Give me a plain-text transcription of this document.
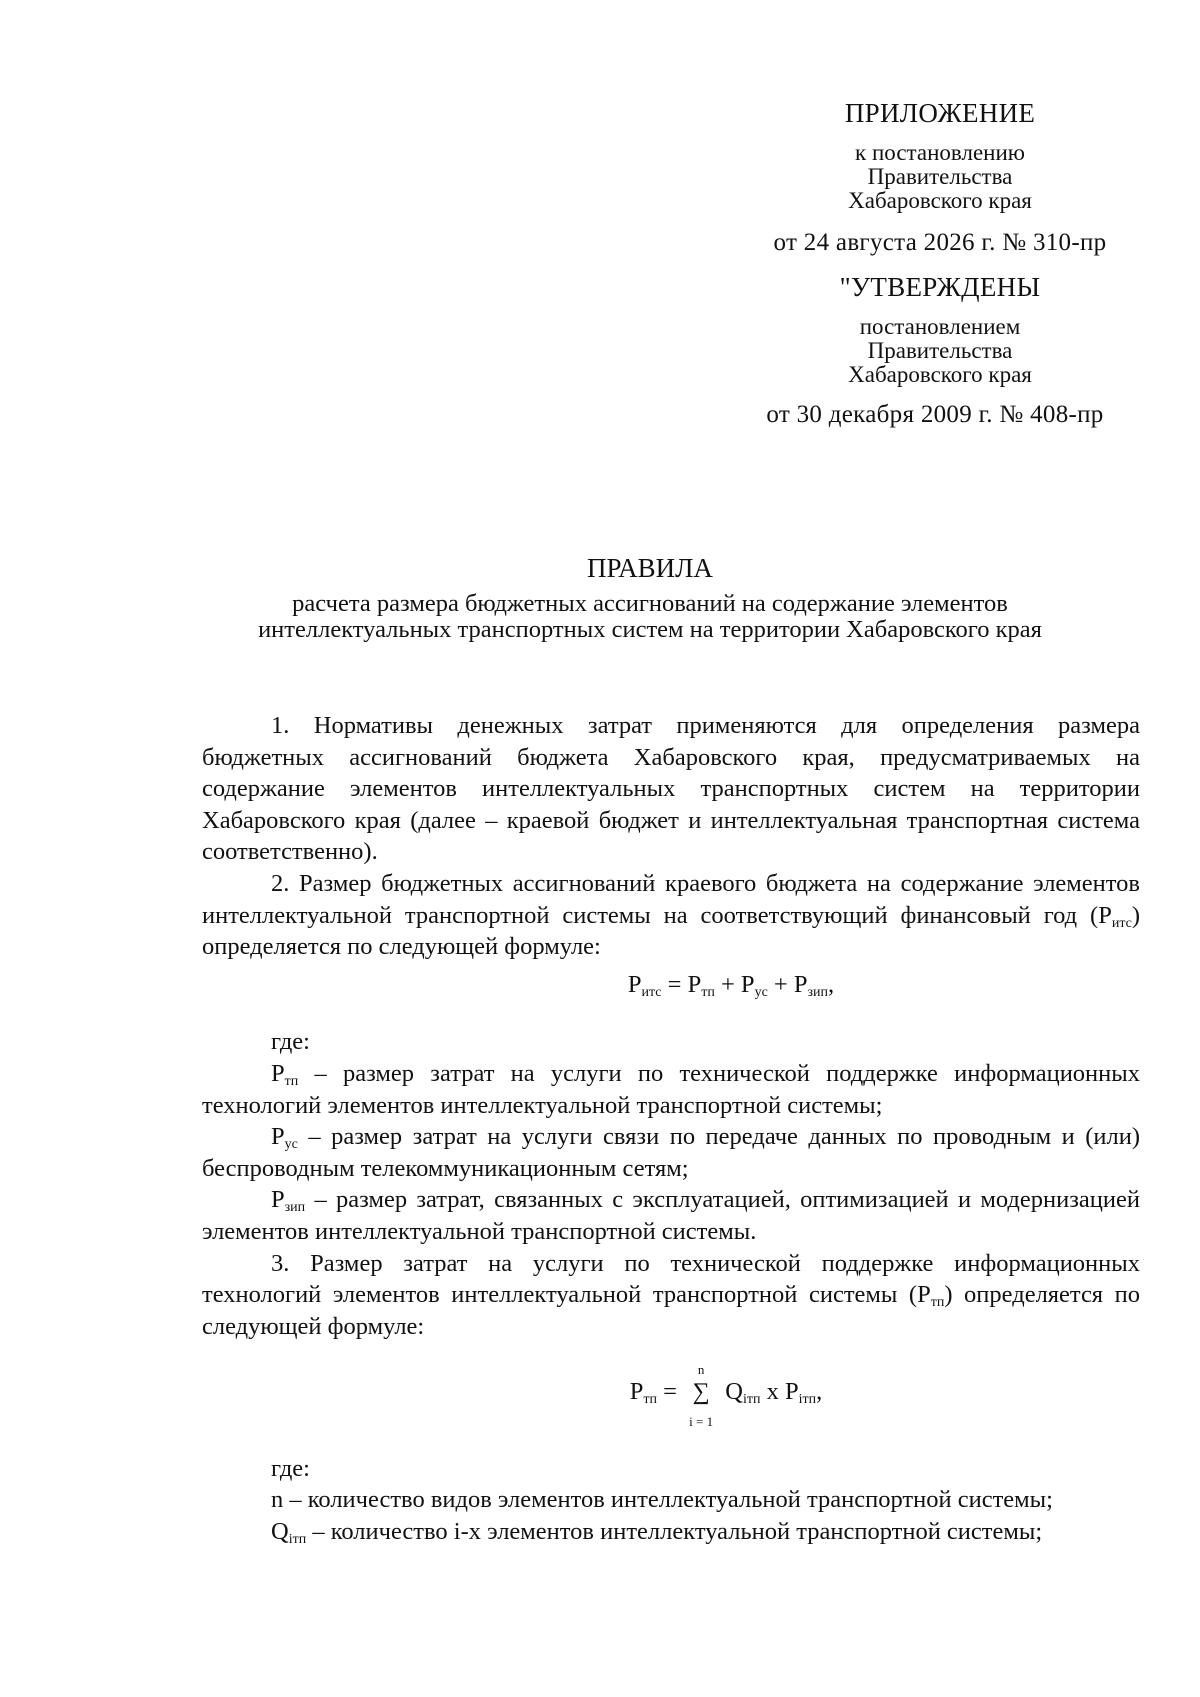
ПРИЛОЖЕНИЕ
к постановлению
Правительства
Хабаровского края
от 24 августа 2026 г. № 310-пр
"УТВЕРЖДЕНЫ
постановлением
Правительства
Хабаровского края
от 30 декабря 2009 г. № 408-пр
ПРАВИЛА
расчета размера бюджетных ассигнований на содержание элементов
интеллектуальных транспортных систем на территории Хабаровского края

1. Нормативы денежных затрат применяются для определения размера бюджетных ассигнований бюджета Хабаровского края, предусматриваемых на содержание элементов интеллектуальных транспортных систем на территории Хабаровского края (далее – краевой бюджет и интеллектуальная транспортная система соответственно).

2. Размер бюджетных ассигнований краевого бюджета на содержание элементов интеллектуальной транспортной системы на соответствующий финансовый год $(P_{итс})$ определяется по следующей формуле:

$P_{итс} = P_{тп} + P_{ус} + P_{зип}$,

где:

$P_{тп}$ – размер затрат на услуги по технической поддержке информационных технологий элементов интеллектуальной транспортной системы;

$P_{ус}$ – размер затрат на услуги связи по передаче данных по проводным и (или) беспроводным телекоммуникационным сетям;

$P_{зип}$ – размер затрат, связанных с эксплуатацией, оптимизацией и модернизацией элементов интеллектуальной транспортной системы.

3. Размер затрат на услуги по технической поддержке информационных технологий элементов интеллектуальной транспортной системы $(P_{тп})$ определяется по следующей формуле:

$P_{тп}$ =
n
∑
i = 1
$Q_{iтп}$ x $P_{iтп}$,

где:

n – количество видов элементов интеллектуальной транспортной системы;

$Q_{iтп}$ – количество i-х элементов интеллектуальной транспортной системы;
